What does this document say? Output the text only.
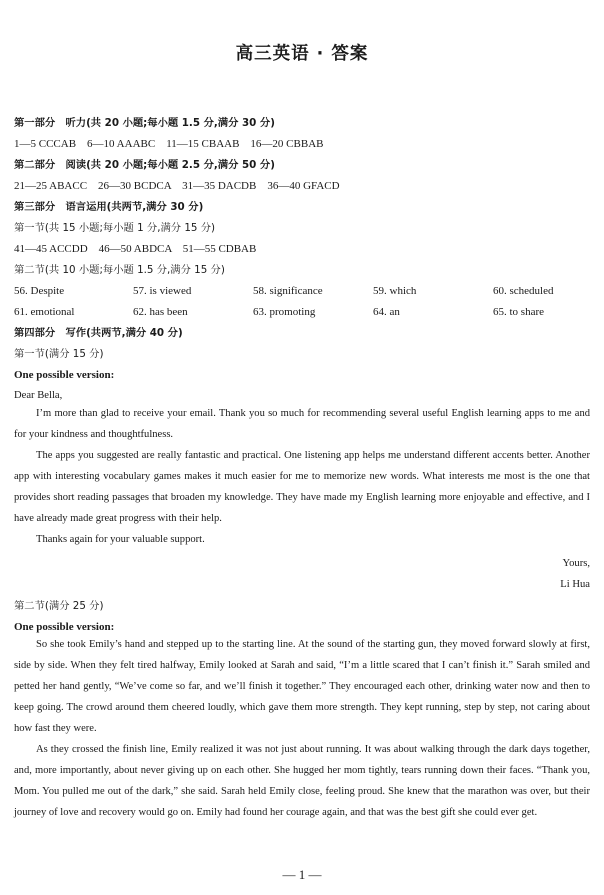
高三英语 · 答案
第一部分　听力(共 20 小题;每小题 1.5 分,满分 30 分)
1—5 CCCAB　6—10 AAABC　11—15 CBAAB　16—20 CBBAB
第二部分　阅读(共 20 小题;每小题 2.5 分,满分 50 分)
21—25 ABACC　26—30 BCDCA　31—35 DACDB　36—40 GFACD
第三部分　语言运用(共两节,满分 30 分)
第一节(共 15 小题;每小题 1 分,满分 15 分)
41—45 ACCDD　46—50 ABDCA　51—55 CDBAB
第二节(共 10 小题;每小题 1.5 分,满分 15 分)
56. Despite	57. is viewed	58. significance	59. which	60. scheduled
61. emotional	62. has been	63. promoting	64. an	65. to share
第四部分　写作(共两节,满分 40 分)
第一节(满分 15 分)
One possible version:
Dear Bella,

I’m more than glad to receive your email. Thank you so much for recommending several useful English learning apps to me and for your kindness and thoughtfulness.

The apps you suggested are really fantastic and practical. One listening app helps me understand different accents better. Another app with interesting vocabulary games makes it much easier for me to memorize new words. What interests me most is the one that provides short reading passages that broaden my knowledge. They have made my English learning more enjoyable and effective, and I have already made great progress with their help.

Thanks again for your valuable support.

Yours,
Li Hua
第二节(满分 25 分)
One possible version:

So she took Emily’s hand and stepped up to the starting line. At the sound of the starting gun, they moved forward slowly at first, side by side. When they felt tired halfway, Emily looked at Sarah and said, “I’m a little scared that I can’t finish it.” Sarah smiled and petted her hand gently, “We’ve come so far, and we’ll finish it together.” They encouraged each other, drinking water now and then to keep going. The crowd around them cheered loudly, which gave them more strength. They kept running, step by step, not caring about how fast they were.

As they crossed the finish line, Emily realized it was not just about running. It was about walking through the dark days together, and, more importantly, about never giving up on each other. She hugged her mom tightly, tears running down their faces. “Thank you, Mom. You pulled me out of the dark,” she said. Sarah held Emily close, feeling proud. She knew that the marathon was over, but their journey of love and recovery would go on. Emily had found her courage again, and that was the best gift she could ever get.

— 1 —
